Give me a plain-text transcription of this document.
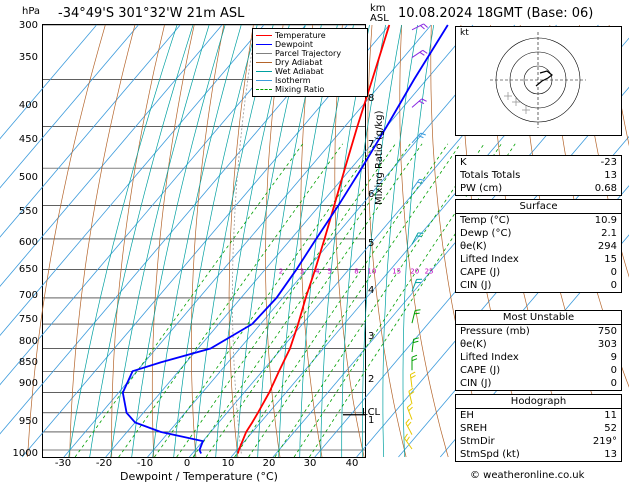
hPa -34°49'S 301°32'W 21m ASL	10.08.2024 18GMT (Base: 06)
km
ASL
2 3 4 5	8 10 15 20 25
300
350
400
450
500
550
600
650
700
750
800
850
900
950
1000
-30	-20	-10	0	10	20	30	40
Dewpoint / Temperature (°C)
8
7
6
5
4
3
2
1
Mixing Ratio (g/kg)
LCL
Temperature
Dewpoint
Parcel Trajectory
Dry Adiabat
Wet Adiabat
Isotherm
Mixing Ratio
kt
K	-23
Totals Totals	13
PW (cm)	0.68
Surface
Temp (°C)	10.9
Dewp (°C)	2.1
θe(K)	294
Lifted Index	15
CAPE (J)	0
CIN (J)	0
Most Unstable
Pressure (mb)	750
θe(K)	303
Lifted Index	9
CAPE (J)	0
CIN (J)	0
Hodograph
EH	11
SREH	52
StmDir	219°
StmSpd (kt)	13
© weatheronline.co.uk
